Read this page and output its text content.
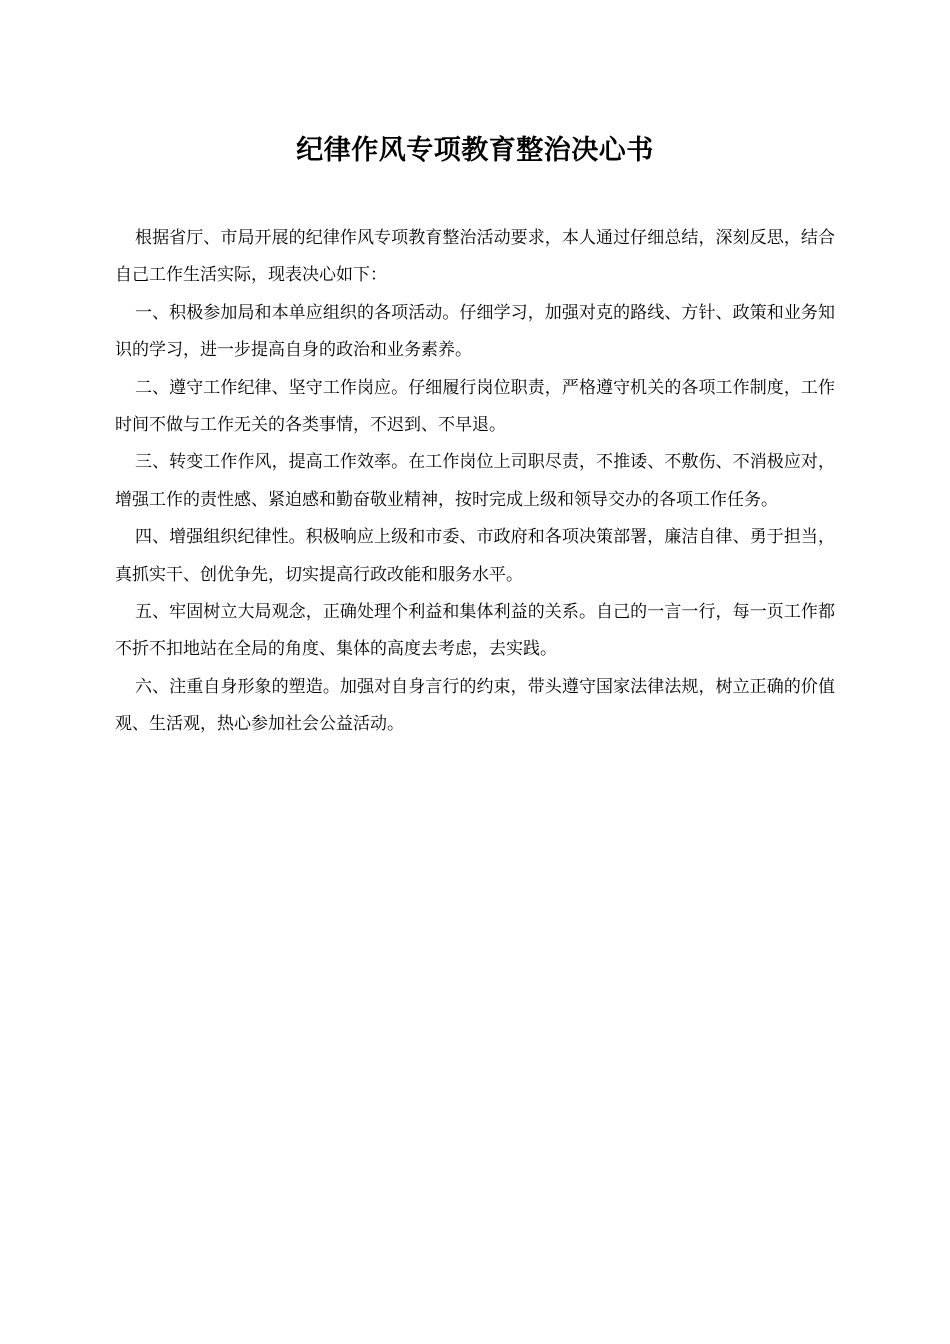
纪律作风专项教育整治决心书

根据省厅、市局开展的纪律作风专项教育整治活动要求，本人通过仔细总结，深刻反思，结合自己工作生活实际，现表决心如下：

一、积极参加局和本单应组织的各项活动。仔细学习，加强对克的路线、方针、政策和业务知识的学习，进一步提高自身的政治和业务素养。

二、遵守工作纪律、坚守工作岗应。仔细履行岗位职责，严格遵守机关的各项工作制度，工作时间不做与工作无关的各类事情，不迟到、不早退。

三、转变工作作风，提高工作效率。在工作岗位上司职尽责，不推诿、不敷伤、不消极应对，增强工作的责性感、紧迫感和勤奋敬业精神，按时完成上级和领导交办的各项工作任务。

四、增强组织纪律性。积极响应上级和市委、市政府和各项决策部署，廉洁自律、勇于担当，真抓实干、创优争先，切实提高行政改能和服务水平。

五、牢固树立大局观念，正确处理个利益和集体利益的关系。自己的一言一行，每一页工作都不折不扣地站在全局的角度、集体的高度去考虑，去实践。

六、注重自身形象的塑造。加强对自身言行的约束，带头遵守国家法律法规，树立正确的价值观、生活观，热心参加社会公益活动。
